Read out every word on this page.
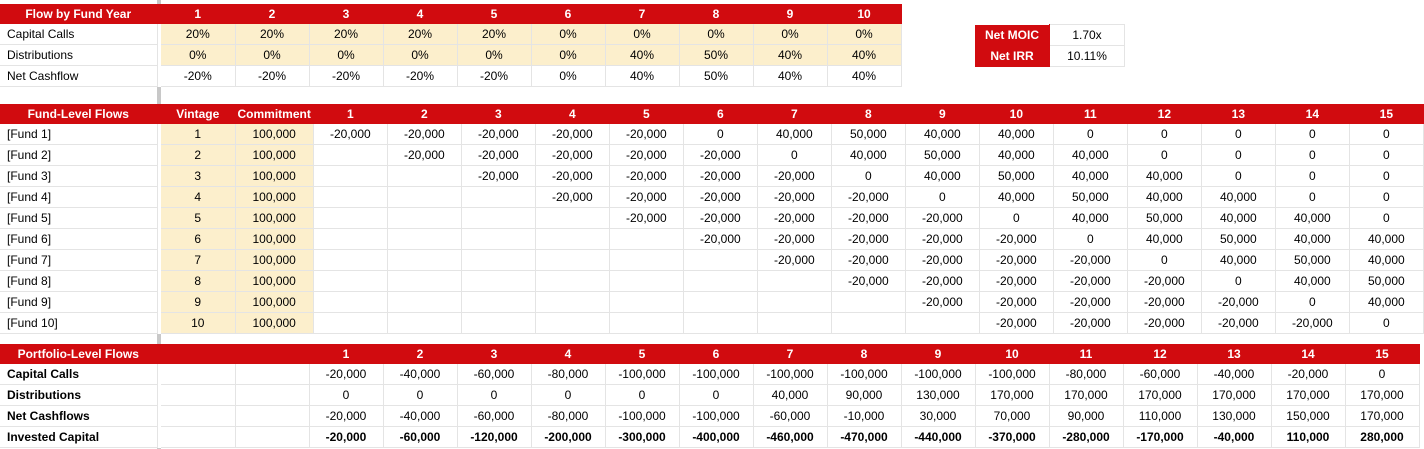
Flow by Fund Year		1	2	3	4	5	6	7	8	9	10
Capital Calls		20%	20%	20%	20%	20%	0%	0%	0%	0%	0%
Distributions		0%	0%	0%	0%	0%	0%	40%	50%	40%	40%
Net Cashflow		-20%	-20%	-20%	-20%	-20%	0%	40%	50%	40%	40%
Net MOIC	1.70x
Net IRR	10.11%
Fund-Level Flows		Vintage	Commitment	1	2	3	4	5	6	7	8	9	10	11	12	13	14	15
[Fund 1]		1	100,000	-20,000	-20,000	-20,000	-20,000	-20,000	0	40,000	50,000	40,000	40,000	0	0	0	0	0
[Fund 2]		2	100,000		-20,000	-20,000	-20,000	-20,000	-20,000	0	40,000	50,000	40,000	40,000	0	0	0	0
[Fund 3]		3	100,000			-20,000	-20,000	-20,000	-20,000	-20,000	0	40,000	50,000	40,000	40,000	0	0	0
[Fund 4]		4	100,000				-20,000	-20,000	-20,000	-20,000	-20,000	0	40,000	50,000	40,000	40,000	0	0
[Fund 5]		5	100,000					-20,000	-20,000	-20,000	-20,000	-20,000	0	40,000	50,000	40,000	40,000	0
[Fund 6]		6	100,000						-20,000	-20,000	-20,000	-20,000	-20,000	0	40,000	50,000	40,000	40,000
[Fund 7]		7	100,000							-20,000	-20,000	-20,000	-20,000	-20,000	0	40,000	50,000	40,000
[Fund 8]		8	100,000								-20,000	-20,000	-20,000	-20,000	-20,000	0	40,000	50,000
[Fund 9]		9	100,000									-20,000	-20,000	-20,000	-20,000	-20,000	0	40,000
[Fund 10]		10	100,000										-20,000	-20,000	-20,000	-20,000	-20,000	0
Portfolio-Level Flows				1	2	3	4	5	6	7	8	9	10	11	12	13	14	15
Capital Calls				-20,000	-40,000	-60,000	-80,000	-100,000	-100,000	-100,000	-100,000	-100,000	-100,000	-80,000	-60,000	-40,000	-20,000	0
Distributions				0	0	0	0	0	0	40,000	90,000	130,000	170,000	170,000	170,000	170,000	170,000	170,000
Net Cashflows				-20,000	-40,000	-60,000	-80,000	-100,000	-100,000	-60,000	-10,000	30,000	70,000	90,000	110,000	130,000	150,000	170,000
Invested Capital				-20,000	-60,000	-120,000	-200,000	-300,000	-400,000	-460,000	-470,000	-440,000	-370,000	-280,000	-170,000	-40,000	110,000	280,000
